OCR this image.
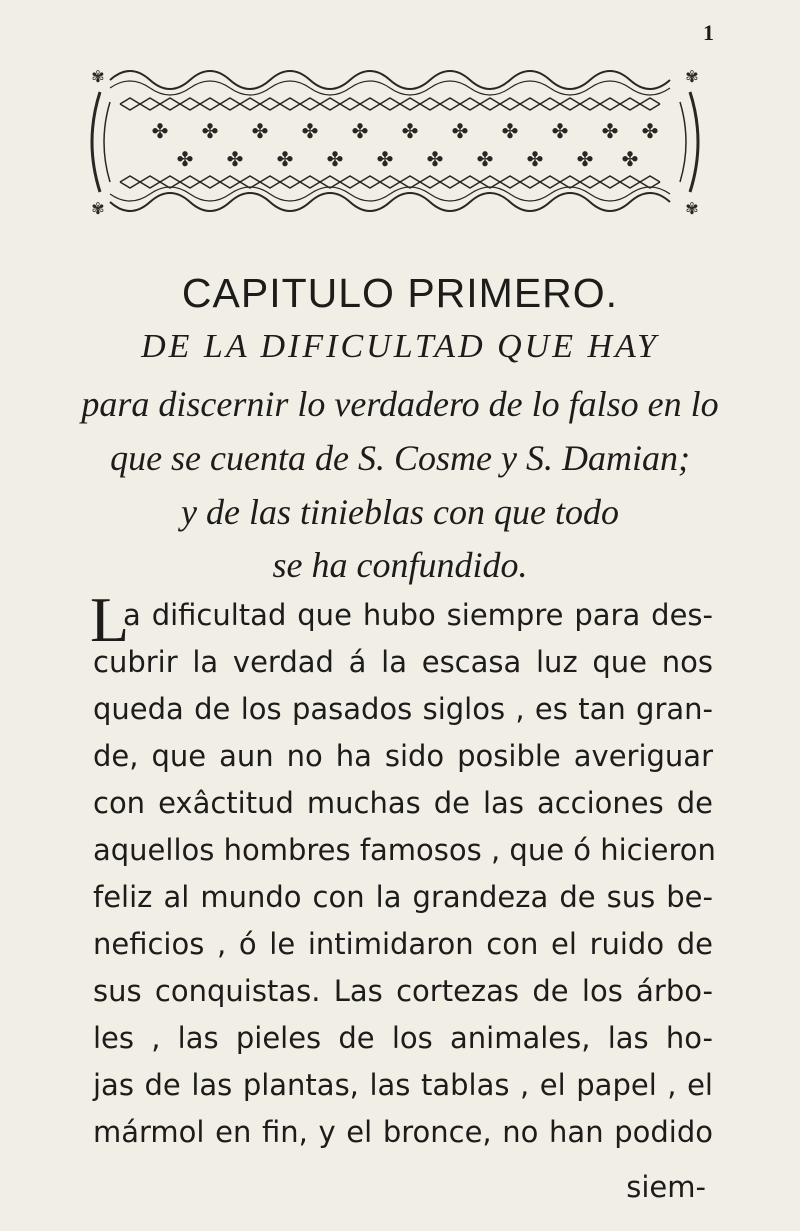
1
✤ ✤ ✤ ✤ ✤ ✤ ✤ ✤ ✤ ✤ ✤
✤ ✤ ✤ ✤ ✤ ✤ ✤ ✤ ✤ ✤
✾	✾
✾	✾
CAPITULO PRIMERO.

DE LA DIFICULTAD QUE HAY

para discernir lo verdadero de lo falso en lo

que se cuenta de S. Cosme y S. Damian;

y de las tinieblas con que todo

se ha confundido.

L

a dificultad que hubo siempre para des-

cubrir la verdad á la escasa luz que nos

queda de los pasados siglos , es tan gran-

de, que aun no ha sido posible averiguar

con exâctitud muchas de las acciones de

aquellos hombres famosos , que ó hicieron

feliz al mundo con la grandeza de sus be-

neficios , ó le intimidaron con el ruido de

sus conquistas. Las cortezas de los árbo-

les , las pieles de los animales, las ho-

jas de las plantas, las tablas , el papel , el

mármol en fin, y el bronce, no han podido

siem-
